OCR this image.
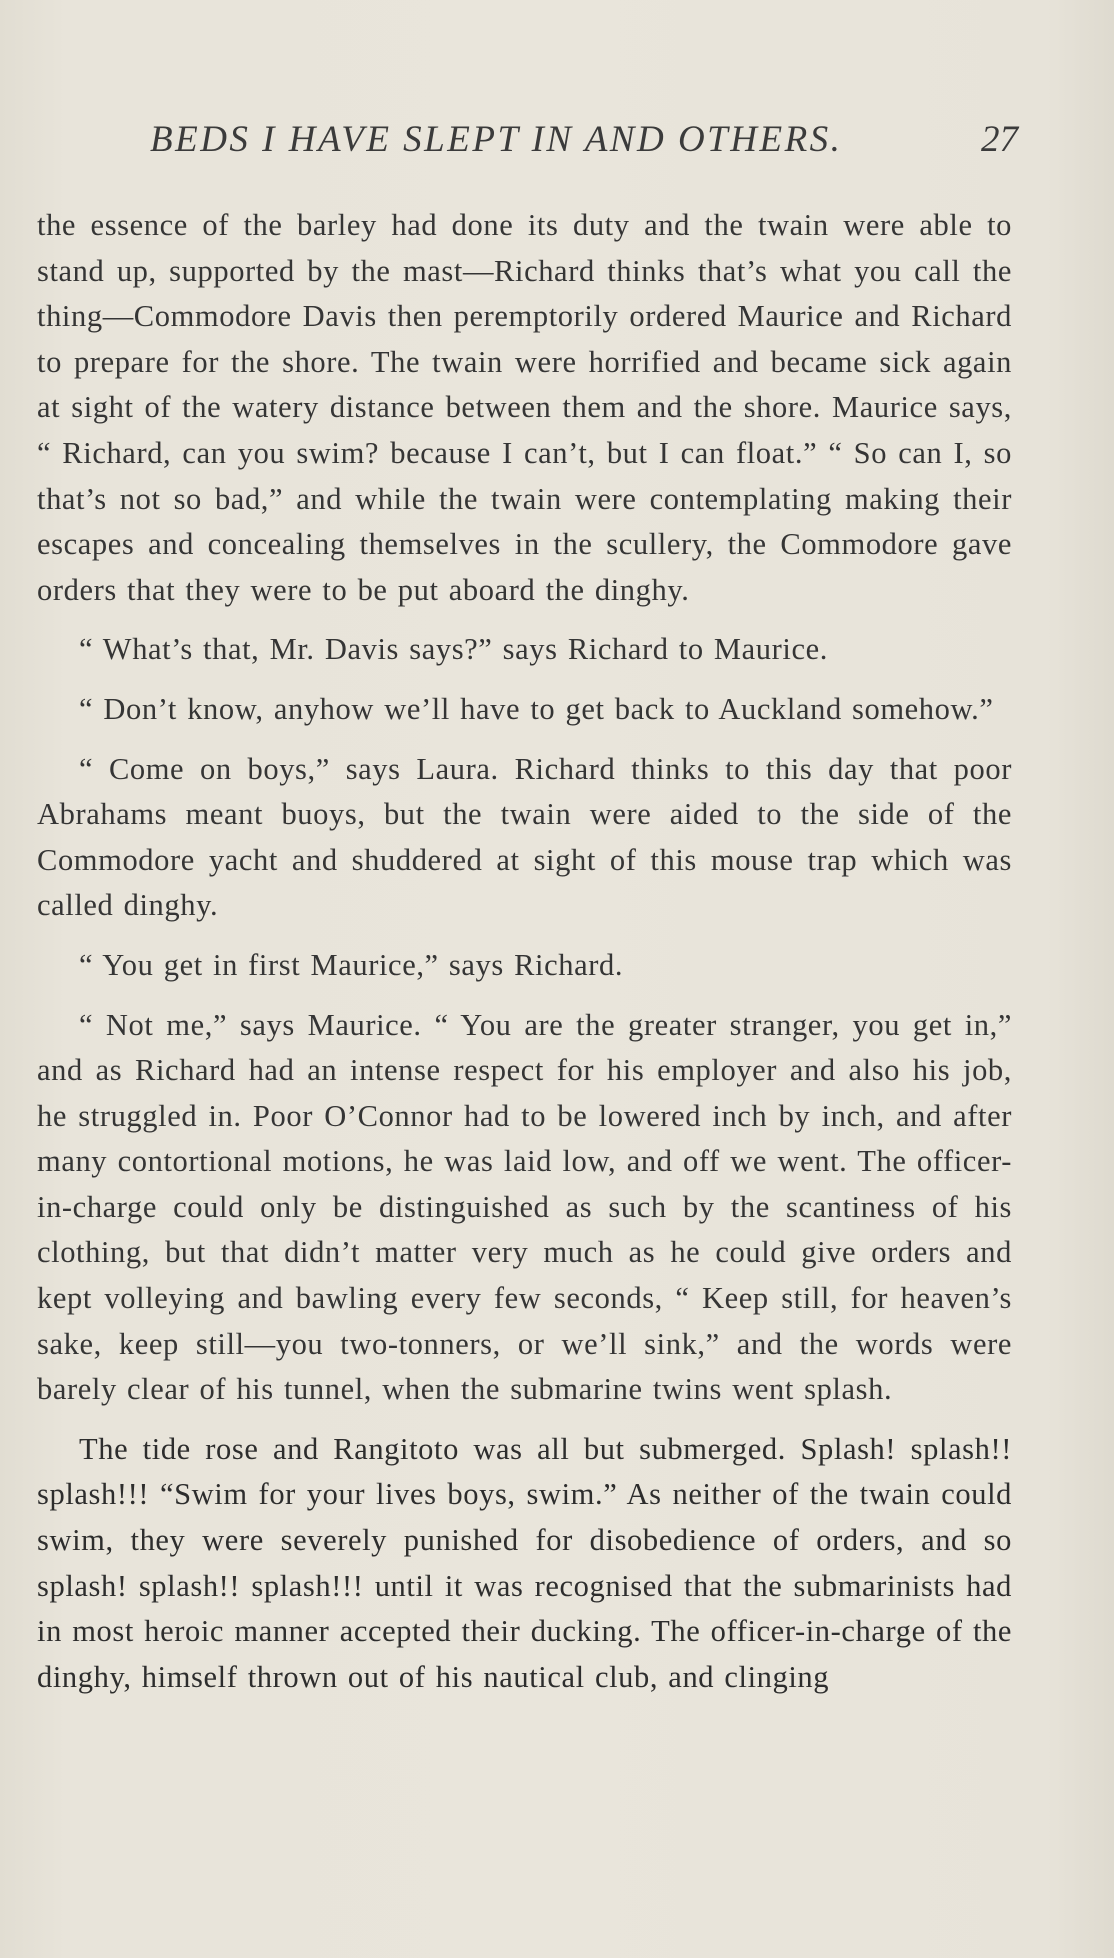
BEDS I HAVE SLEPT IN AND OTHERS.	27

the essence of the barley had done its duty and the twain were able to stand up, supported by the mast—Richard thinks that’s what you call the thing—Commodore Davis then peremptorily ordered Maurice and Richard to prepare for the shore. The twain were horrified and became sick again at sight of the watery distance between them and the shore. Maurice says, “ Richard, can you swim? because I can’t, but I can float.” “ So can I, so that’s not so bad,” and while the twain were contemplating making their escapes and concealing themselves in the scullery, the Commodore gave orders that they were to be put aboard the dinghy.

“ What’s that, Mr. Davis says?” says Richard to Maurice.

“ Don’t know, anyhow we’ll have to get back to Auckland somehow.”

“ Come on boys,” says Laura. Richard thinks to this day that poor Abrahams meant buoys, but the twain were aided to the side of the Commodore yacht and shuddered at sight of this mouse trap which was called dinghy.

“ You get in first Maurice,” says Richard.

“ Not me,” says Maurice. “ You are the greater stranger, you get in,” and as Richard had an intense respect for his employer and also his job, he struggled in. Poor O’Connor had to be lowered inch by inch, and after many contortional motions, he was laid low, and off we went. The officer-in-charge could only be distinguished as such by the scantiness of his clothing, but that didn’t matter very much as he could give orders and kept volleying and bawling every few seconds, “ Keep still, for heaven’s sake, keep still—you two-tonners, or we’ll sink,” and the words were barely clear of his tunnel, when the submarine twins went splash.

The tide rose and Rangitoto was all but submerged. Splash! splash!! splash!!! “Swim for your lives boys, swim.” As neither of the twain could swim, they were severely punished for disobedience of orders, and so splash! splash!! splash!!! until it was recognised that the submarinists had in most heroic manner accepted their ducking. The officer-in-charge of the dinghy, himself thrown out of his nautical club, and clinging
